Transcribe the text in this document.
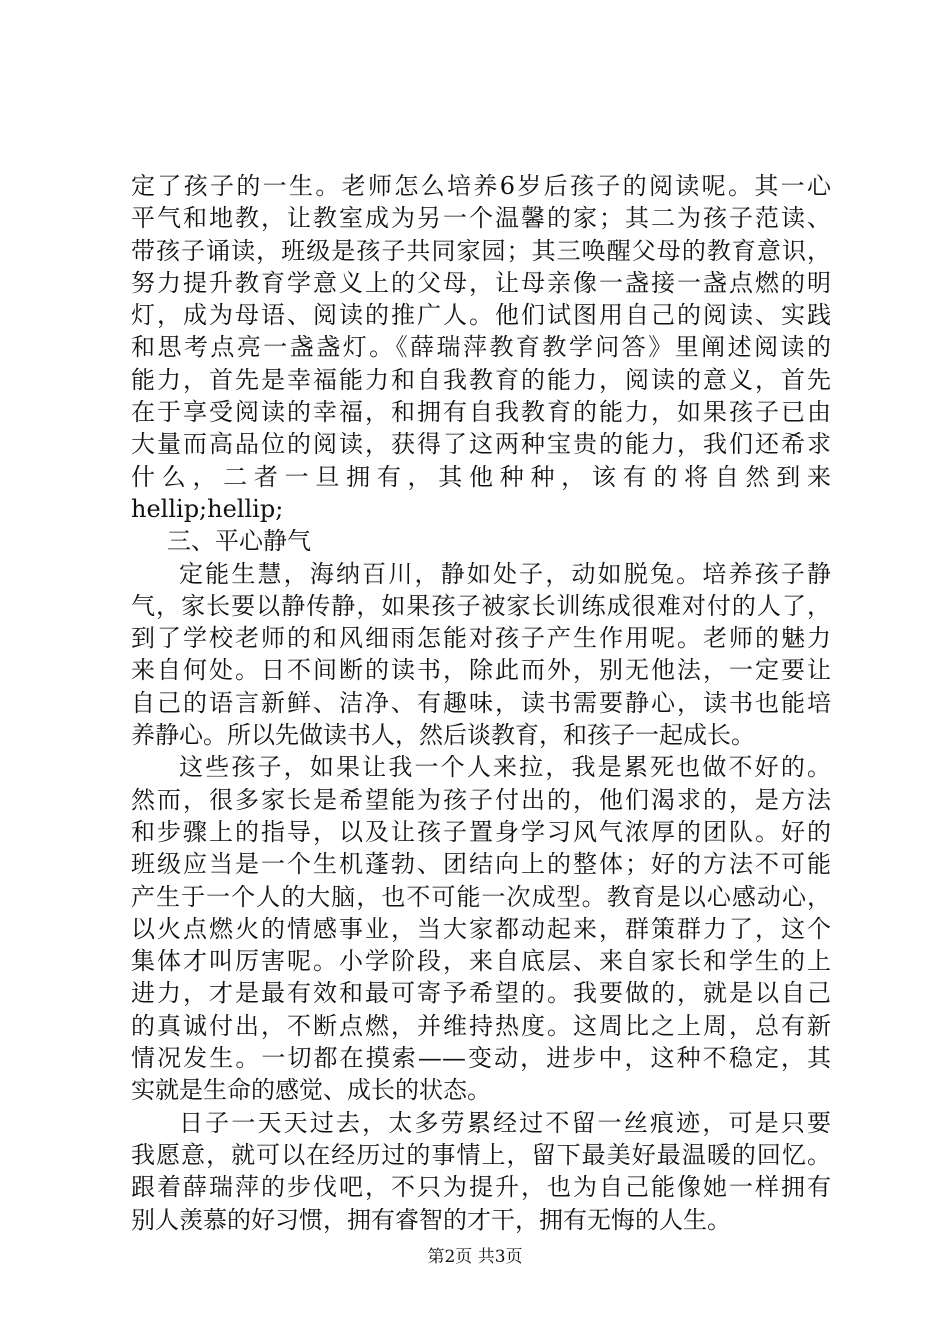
定了孩子的一生。老师怎么培养6岁后孩子的阅读呢。其一心
平气和地教，让教室成为另一个温馨的家；其二为孩子范读、
带孩子诵读，班级是孩子共同家园；其三唤醒父母的教育意识，
努力提升教育学意义上的父母，让母亲像一盏接一盏点燃的明
灯，成为母语、阅读的推广人。他们试图用自己的阅读、实践
和思考点亮一盏盏灯。《薛瑞萍教育教学问答》里阐述阅读的
能力，首先是幸福能力和自我教育的能力，阅读的意义，首先
在于享受阅读的幸福，和拥有自我教育的能力，如果孩子已由
大量而高品位的阅读，获得了这两种宝贵的能力，我们还希求
什么，二者一旦拥有，其他种种，该有的将自然到来
hellip;hellip;
三、平心静气
定能生慧，海纳百川，静如处子，动如脱兔。培养孩子静
气，家长要以静传静，如果孩子被家长训练成很难对付的人了，
到了学校老师的和风细雨怎能对孩子产生作用呢。老师的魅力
来自何处。日不间断的读书，除此而外，别无他法，一定要让
自己的语言新鲜、洁净、有趣味，读书需要静心，读书也能培
养静心。所以先做读书人，然后谈教育，和孩子一起成长。
这些孩子，如果让我一个人来拉，我是累死也做不好的。
然而，很多家长是希望能为孩子付出的，他们渴求的，是方法
和步骤上的指导，以及让孩子置身学习风气浓厚的团队。好的
班级应当是一个生机蓬勃、团结向上的整体；好的方法不可能
产生于一个人的大脑，也不可能一次成型。教育是以心感动心，
以火点燃火的情感事业，当大家都动起来，群策群力了，这个
集体才叫厉害呢。小学阶段，来自底层、来自家长和学生的上
进力，才是最有效和最可寄予希望的。我要做的，就是以自己
的真诚付出，不断点燃，并维持热度。这周比之上周，总有新
情况发生。一切都在摸索——变动，进步中，这种不稳定，其
实就是生命的感觉、成长的状态。
日子一天天过去，太多劳累经过不留一丝痕迹，可是只要
我愿意，就可以在经历过的事情上，留下最美好最温暖的回忆。
跟着薛瑞萍的步伐吧，不只为提升，也为自己能像她一样拥有
别人羡慕的好习惯，拥有睿智的才干，拥有无悔的人生。
第2页 共3页
